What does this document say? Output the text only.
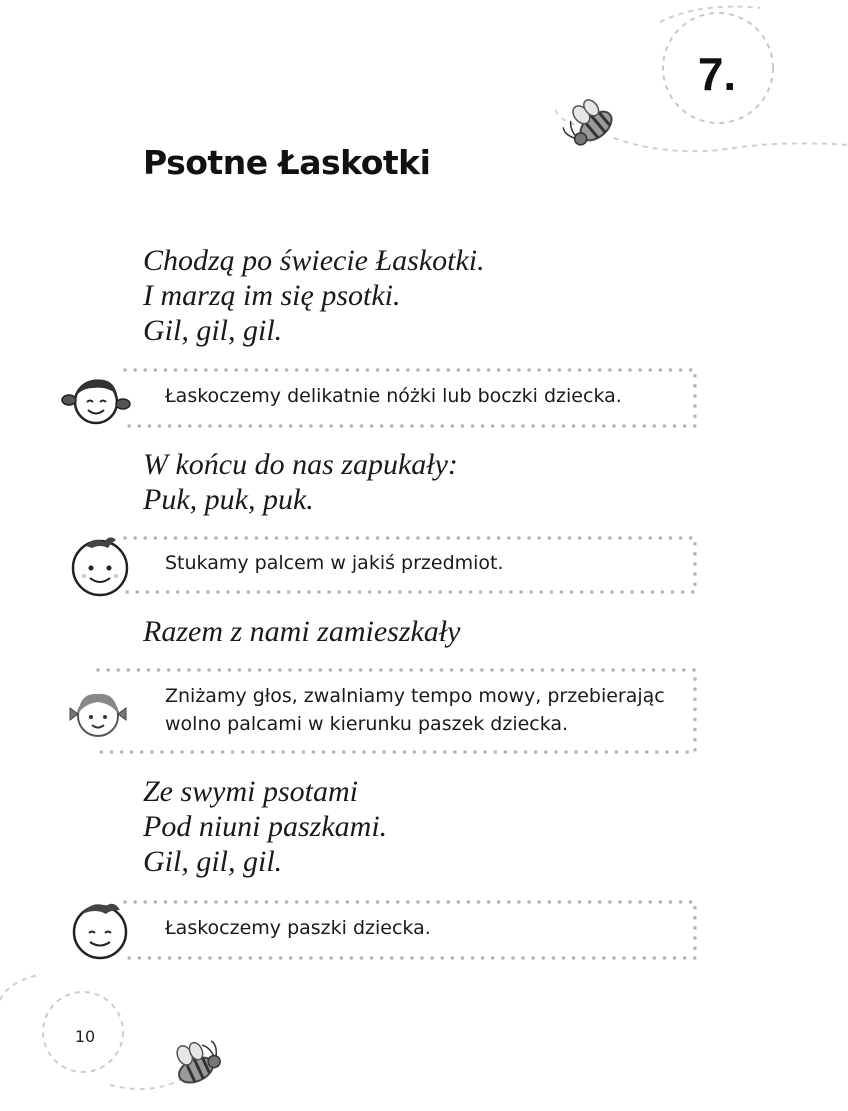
7.
Psotne Łaskotki
Chodzą po świecie Łaskotki.
I marzą im się psotki.
Gil, gil, gil.
Łaskoczemy delikatnie nóżki lub boczki dziecka.
W końcu do nas zapukały:
Puk, puk, puk.
Stukamy palcem w jakiś przedmiot.
Razem z nami zamieszkały
Zniżamy głos, zwalniamy tempo mowy, przebierając
wolno palcami w kierunku paszek dziecka.
Ze swymi psotami
Pod niuni paszkami.
Gil, gil, gil.
Łaskoczemy paszki dziecka.
10
